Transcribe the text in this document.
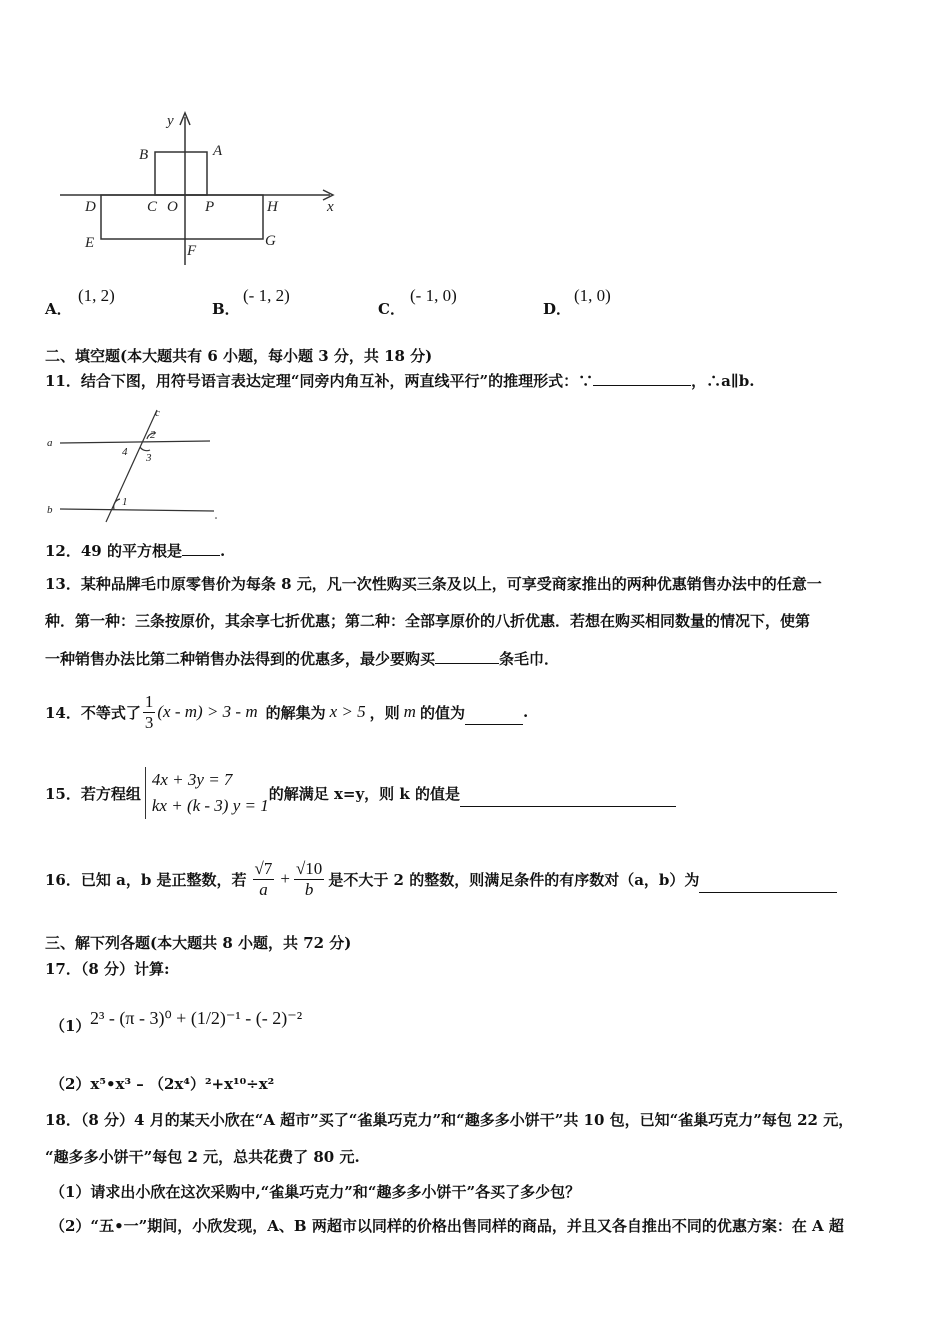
y
x
B	A
D	C O P	H
E	F
G
A．
(1, 2)
B．
(- 1, 2)
C．
(- 1, 0)
D．
(1, 0)
二、填空题(本大题共有 6 小题，每小题 3 分，共 18 分)
11．结合下图，用符号语言表达定理“同旁内角互补，两直线平行”的推理形式：∵	，∴a∥b.
c
a
2
4 3
b
1
12．49 的平方根是	.
13．某种品牌毛巾原零售价为每条 8 元，凡一次性购买三条及以上，可享受商家推出的两种优惠销售办法中的任意一
种．第一种：三条按原价，其余享七折优惠；第二种：全部享原价的八折优惠．若想在购买相同数量的情况下，使第
一种销售办法比第二种销售办法得到的优惠多，最少要购买	条毛巾．
14．不等式了 $\frac{1}{3} (x - m) > 3 - m$ 的解集为 x > 5 ，则 m 的值为	.
15．若方程组
4x + 3y = 7
kx + (k - 3) y = 1
的解满足 x=y，则 k 的值是
16．已知 a，b 是正整数，若 $\frac{√7}{a} + \frac{√10}{b}$ 是不大于 2 的整数，则满足条件的有序数对（a，b）为
三、解下列各题(本大题共 8 小题，共 72 分)
17．（8 分）计算:
（1） 2³ - (π - 3)⁰ + (1/2)⁻¹ - (- 2)⁻²
（2）x⁵•x³ – （2x⁴）²+x¹⁰÷x²
18．（8 分）4 月的某天小欣在“A 超市”买了“雀巢巧克力”和“趣多多小饼干”共 10 包，已知“雀巢巧克力”每包 22 元，
“趣多多小饼干”每包 2 元，总共花费了 80 元.
（1）请求出小欣在这次采购中,“雀巢巧克力”和“趣多多小饼干”各买了多少包？
（2）“五•一”期间，小欣发现，A、B 两超市以同样的价格出售同样的商品，并且又各自推出不同的优惠方案：在 A 超
